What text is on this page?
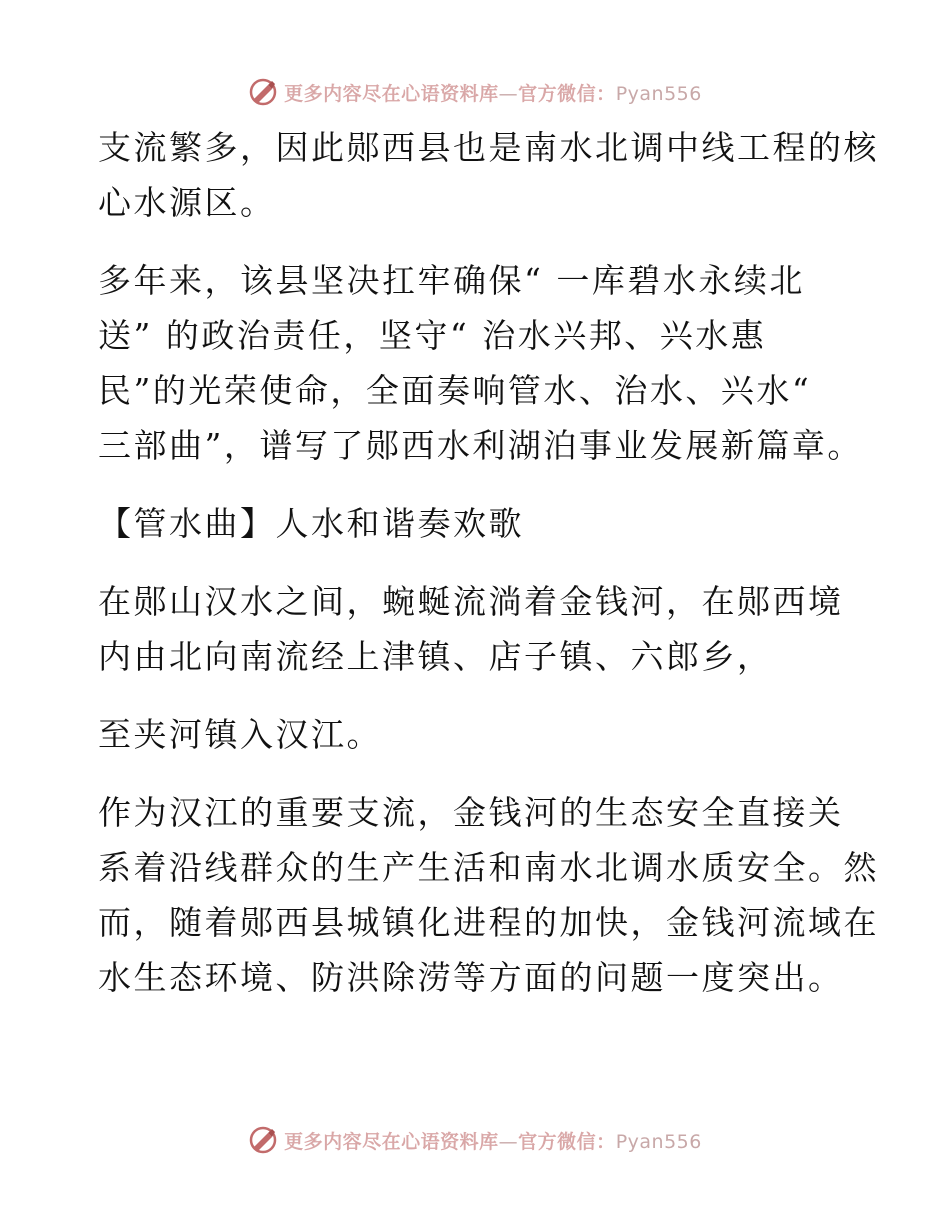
更多内容尽在心语资料库—官方微信：Pyan556

支流繁多，因此郧西县也是南水北调中线工程的核
心水源区。

多年来，该县坚决扛牢确保“ 一库碧水永续北
送” 的政治责任，坚守“ 治水兴邦、兴水惠
民”的光荣使命，全面奏响管水、治水、兴水“
三部曲”，谱写了郧西水利湖泊事业发展新篇章。

【管水曲】人水和谐奏欢歌

在郧山汉水之间，蜿蜒流淌着金钱河，在郧西境
内由北向南流经上津镇、店子镇、六郎乡，

至夹河镇入汉江。

作为汉江的重要支流，金钱河的生态安全直接关
系着沿线群众的生产生活和南水北调水质安全。然
而，随着郧西县城镇化进程的加快，金钱河流域在
水生态环境、防洪除涝等方面的问题一度突出。

更多内容尽在心语资料库—官方微信：Pyan556
